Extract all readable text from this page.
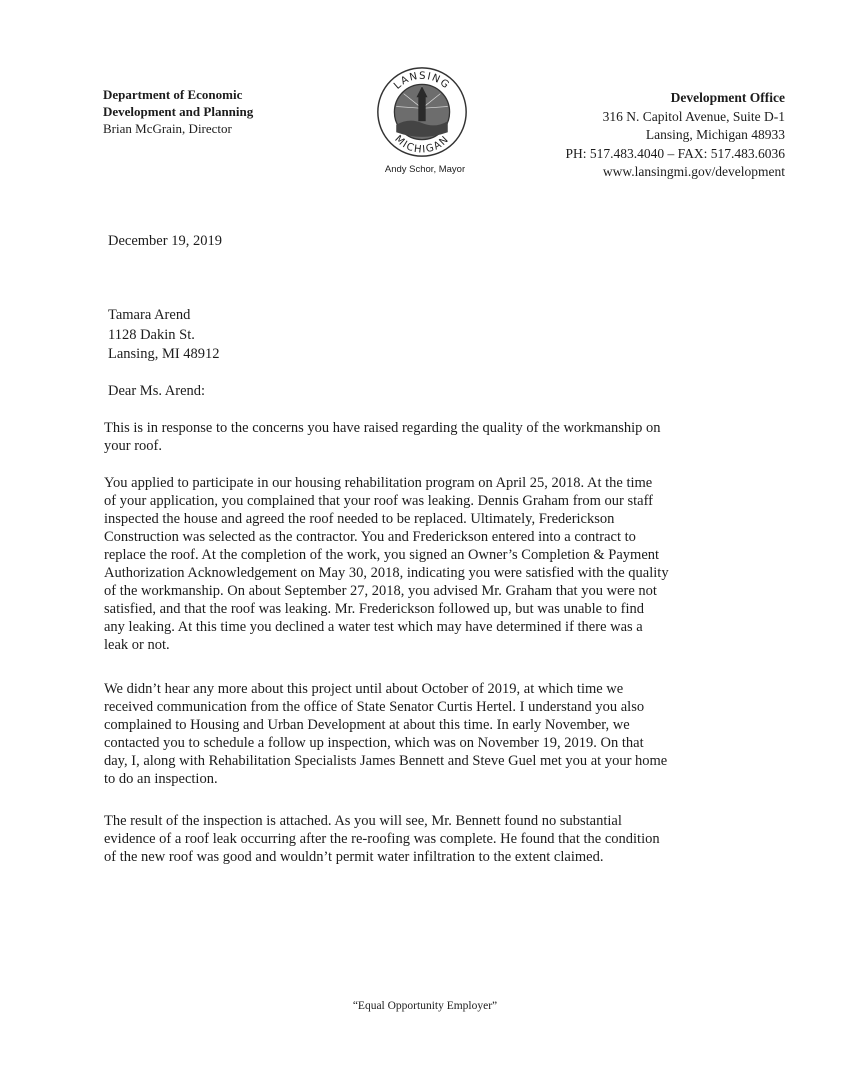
Department of Economic
Development and Planning
Brian McGrain, Director
LANSING
MICHIGAN
Andy Schor, Mayor
Development Office
316 N. Capitol Avenue, Suite D-1
Lansing, Michigan 48933
PH: 517.483.4040 – FAX: 517.483.6036
www.lansingmi.gov/development
December 19, 2019
Tamara Arend
1128 Dakin St.
Lansing, MI 48912
Dear Ms. Arend:
This is in response to the concerns you have raised regarding the quality of the workmanship on
your roof.
You applied to participate in our housing rehabilitation program on April 25, 2018. At the time
of your application, you complained that your roof was leaking. Dennis Graham from our staff
inspected the house and agreed the roof needed to be replaced. Ultimately, Frederickson
Construction was selected as the contractor. You and Frederickson entered into a contract to
replace the roof. At the completion of the work, you signed an Owner’s Completion & Payment
Authorization Acknowledgement on May 30, 2018, indicating you were satisfied with the quality
of the workmanship. On about September 27, 2018, you advised Mr. Graham that you were not
satisfied, and that the roof was leaking. Mr. Frederickson followed up, but was unable to find
any leaking. At this time you declined a water test which may have determined if there was a
leak or not.
We didn’t hear any more about this project until about October of 2019, at which time we
received communication from the office of State Senator Curtis Hertel. I understand you also
complained to Housing and Urban Development at about this time. In early November, we
contacted you to schedule a follow up inspection, which was on November 19, 2019. On that
day, I, along with Rehabilitation Specialists James Bennett and Steve Guel met you at your home
to do an inspection.
The result of the inspection is attached. As you will see, Mr. Bennett found no substantial
evidence of a roof leak occurring after the re-roofing was complete. He found that the condition
of the new roof was good and wouldn’t permit water infiltration to the extent claimed.
“Equal Opportunity Employer”
